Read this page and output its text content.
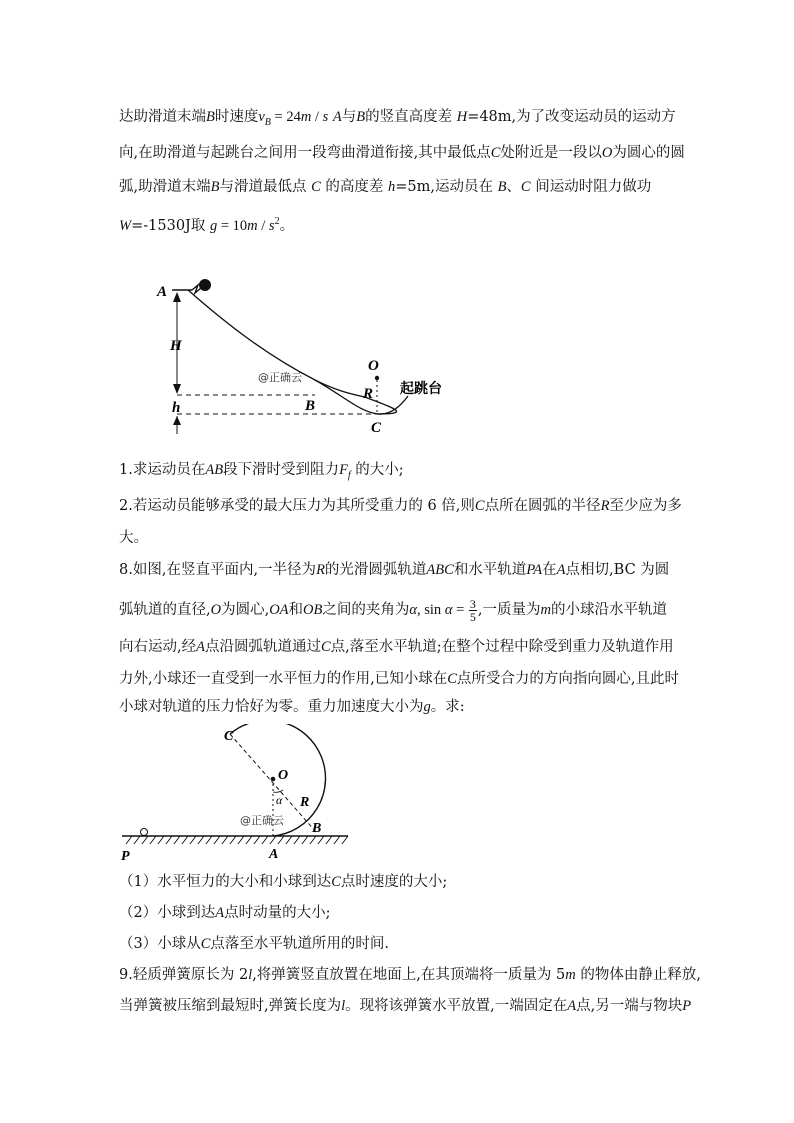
达助滑道末端B时速度$v_B = 24m / s$ A与B的竖直高度差 H=48m,为了改变运动员的运动方
向,在助滑道与起跳台之间用一段弯曲滑道衔接,其中最低点C处附近是一段以O为圆心的圆
弧,助滑道末端B与滑道最低点 C 的高度差 h=5m,运动员在 B、C 间运动时阻力做功
W=-1530J取 $g = 10m / s^2$。
A
H
h	B
C
O
R 起跳台
@正确云
1.求运动员在AB段下滑时受到阻力$F_f$ 的大小;
2.若运动员能够承受的最大压力为其所受重力的 6 倍,则C点所在圆弧的半径R至少应为多
大。
8.如图,在竖直平面内,一半径为R的光滑圆弧轨道ABC和水平轨道PA在A点相切,BC 为圆
弧轨道的直径,O为圆心,OA和OB之间的夹角为α, $\sin \alpha = \frac{3}{5}$ ,一质量为m的小球沿水平轨道
向右运动,经A点沿圆弧轨道通过C点,落至水平轨道;在整个过程中除受到重力及轨道作用
力外,小球还一直受到一水平恒力的作用,已知小球在C点所受合力的方向指向圆心,且此时
小球对轨道的压力恰好为零。重力加速度大小为g。求:
C
O
α R
B
A
P
@正确云
（1）水平恒力的大小和小球到达C点时速度的大小;
（2）小球到达A点时动量的大小;
（3）小球从C点落至水平轨道所用的时间.
9.轻质弹簧原长为 2l,将弹簧竖直放置在地面上,在其顶端将一质量为 5m 的物体由静止释放,
当弹簧被压缩到最短时,弹簧长度为l。现将该弹簧水平放置,一端固定在A点,另一端与物块P
